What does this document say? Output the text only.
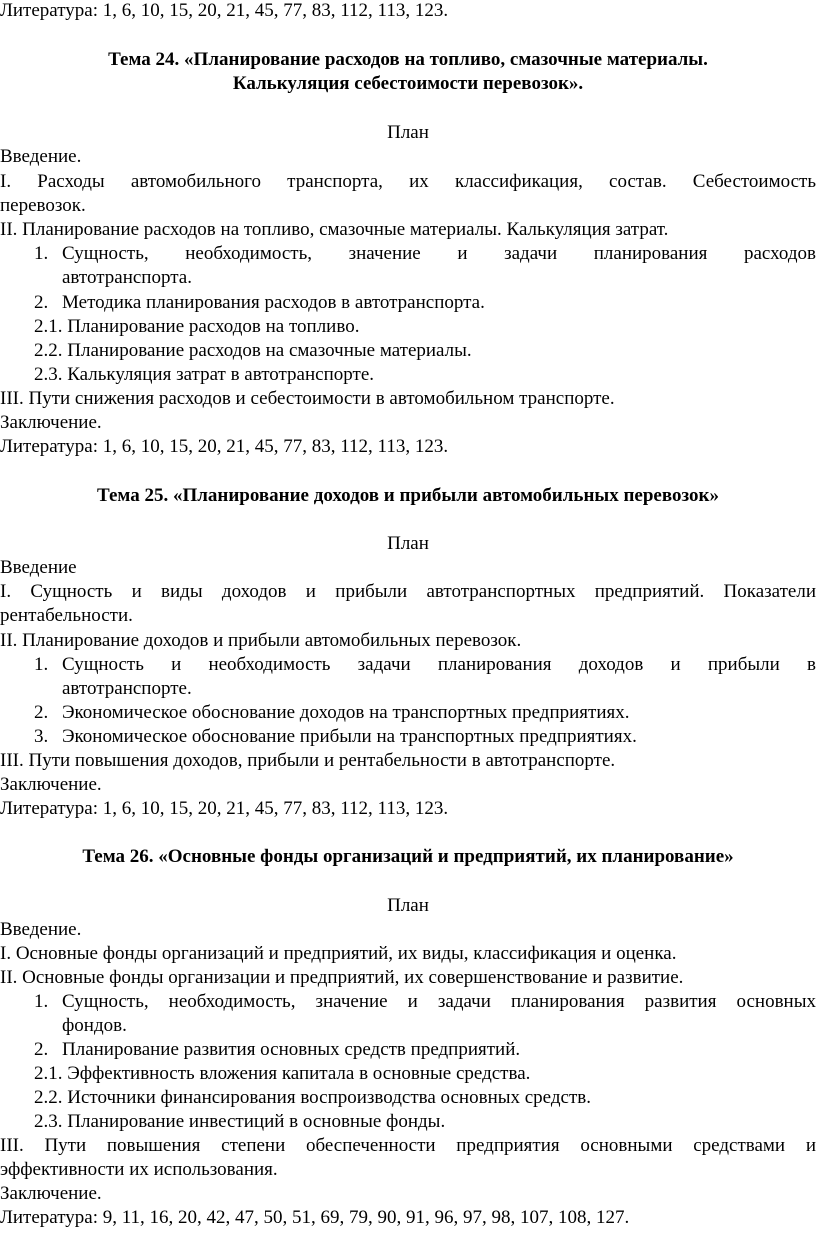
Литература: 1, 6, 10, 15, 20, 21, 45, 77, 83, 112, 113, 123.
Тема 24. «Планирование расходов на топливо, смазочные материалы.
Калькуляция себестоимости перевозок».
План
Введение.
I. Расходы автомобильного транспорта, их классификация, состав. Себестоимость
перевозок.
II. Планирование расходов на топливо, смазочные материалы. Калькуляция затрат.
1. Сущность, необходимость, значение и задачи планирования расходов
автотранспорта.
2. Методика планирования расходов в автотранспорта.
2.1. Планирование расходов на топливо.
2.2. Планирование расходов на смазочные материалы.
2.3. Калькуляция затрат в автотранспорте.
III. Пути снижения расходов и себестоимости в автомобильном транспорте.
Заключение.
Литература: 1, 6, 10, 15, 20, 21, 45, 77, 83, 112, 113, 123.
Тема 25. «Планирование доходов и прибыли автомобильных перевозок»
План
Введение
I. Сущность и виды доходов и прибыли автотранспортных предприятий. Показатели
рентабельности.
II. Планирование доходов и прибыли автомобильных перевозок.
1. Сущность и необходимость задачи планирования доходов и прибыли в
автотранспорте.
2. Экономическое обоснование доходов на транспортных предприятиях.
3. Экономическое обоснование прибыли на транспортных предприятиях.
III. Пути повышения доходов, прибыли и рентабельности в автотранспорте.
Заключение.
Литература: 1, 6, 10, 15, 20, 21, 45, 77, 83, 112, 113, 123.
Тема 26. «Основные фонды организаций и предприятий, их планирование»
План
Введение.
I. Основные фонды организаций и предприятий, их виды, классификация и оценка.
II. Основные фонды организации и предприятий, их совершенствование и развитие.
1. Сущность, необходимость, значение и задачи планирования развития основных
фондов.
2. Планирование развития основных средств предприятий.
2.1. Эффективность вложения капитала в основные средства.
2.2. Источники финансирования воспроизводства основных средств.
2.3. Планирование инвестиций в основные фонды.
III. Пути повышения степени обеспеченности предприятия основными средствами и
эффективности их использования.
Заключение.
Литература: 9, 11, 16, 20, 42, 47, 50, 51, 69, 79, 90, 91, 96, 97, 98, 107, 108, 127.
